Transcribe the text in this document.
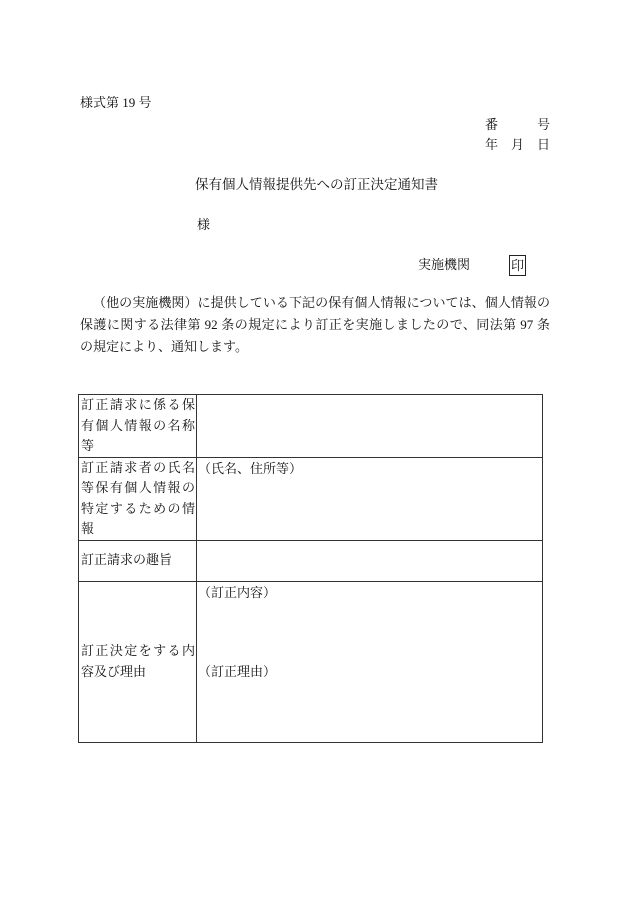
様式第 19 号
番　　　号
年　月　日
保有個人情報提供先への訂正決定通知書
様
実施機関	印
（他の実施機関）に提供している下記の保有個人情報については、個人情報の
保護に関する法律第 92 条の規定により訂正を実施しましたので、同法第 97 条
の規定により、通知します。
訂正請求に係る保有個人情報の名称等	
訂正請求者の氏名等保有個人情報の特定するための情報	（氏名、住所等）
訂正請求の趣旨	
訂正決定をする内容及び理由	（訂正内容）
（訂正理由）
